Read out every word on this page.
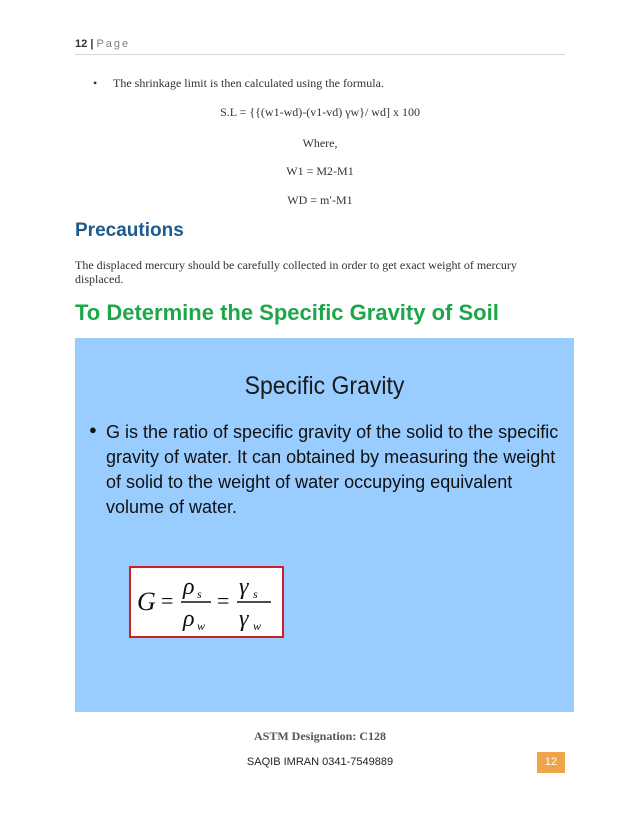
12 | Page
• The shrinkage limit is then calculated using the formula.
S.L = {{(w1-wd)-(v1-vd) γw}/ wd] x 100
Where,
W1 = M2-M1
WD = mʹ-M1
Precautions
The displaced mercury should be carefully collected in order to get exact weight of mercury displaced.
To Determine the Specific Gravity of Soil
Specific Gravity
● G is the ratio of specific gravity of the solid to the specific gravity of water. It can obtained by measuring the weight of solid to the weight of water occupying equivalent volume of water.
G =
ρ s
ρ w
=
γ s
γ w
ASTM Designation: C128
SAQIB IMRAN 0341-7549889	12
